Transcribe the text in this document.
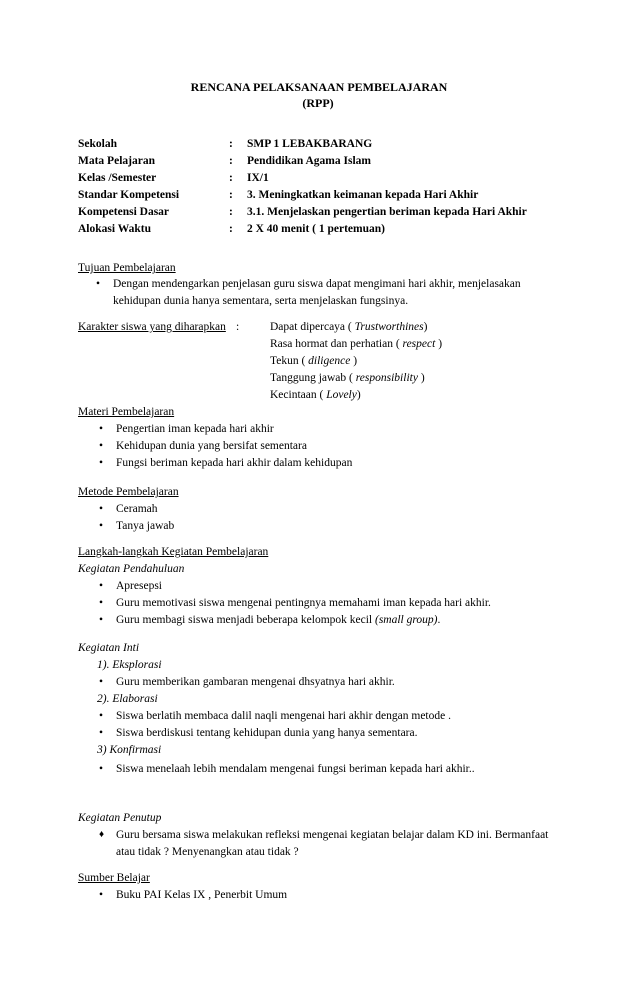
RENCANA PELAKSANAAN PEMBELAJARAN
(RPP)
Sekolah	: SMP 1 LEBAKBARANG
Mata Pelajaran	: Pendidikan Agama Islam
Kelas /Semester	: IX/1
Standar Kompetensi	: 3. Meningkatkan keimanan kepada Hari Akhir
Kompetensi Dasar	: 3.1. Menjelaskan pengertian beriman kepada Hari Akhir
Alokasi Waktu	: 2 X 40 menit ( 1 pertemuan)
Tujuan Pembelajaran
• Dengan mendengarkan penjelasan guru siswa dapat mengimani hari akhir, menjelasakan
kehidupan dunia hanya sementara, serta menjelaskan fungsinya.
Karakter siswa yang diharapkan :	Dapat dipercaya ( Trustworthines)
Rasa hormat dan perhatian ( respect )
Tekun ( diligence )
Tanggung jawab ( responsibility )
Kecintaan ( Lovely)
Materi Pembelajaran
• Pengertian iman kepada hari akhir
• Kehidupan dunia yang bersifat sementara
• Fungsi beriman kepada hari akhir dalam kehidupan
Metode Pembelajaran
• Ceramah
• Tanya jawab
Langkah-langkah Kegiatan Pembelajaran
Kegiatan Pendahuluan
• Apresepsi
• Guru memotivasi siswa mengenai pentingnya memahami iman kepada hari akhir.
• Guru membagi siswa menjadi beberapa kelompok kecil (small group).
Kegiatan Inti
1). Eksplorasi
• Guru memberikan gambaran mengenai dhsyatnya hari akhir.
2). Elaborasi
• Siswa berlatih membaca dalil naqli mengenai hari akhir dengan metode .
• Siswa berdiskusi tentang kehidupan dunia yang hanya sementara.
3) Konfirmasi
• Siswa menelaah lebih mendalam mengenai fungsi beriman kepada hari akhir..
Kegiatan Penutup
♦ Guru bersama siswa melakukan refleksi mengenai kegiatan belajar dalam KD ini. Bermanfaat
atau tidak ? Menyenangkan atau tidak ?
Sumber Belajar
• Buku PAI Kelas IX , Penerbit Umum
